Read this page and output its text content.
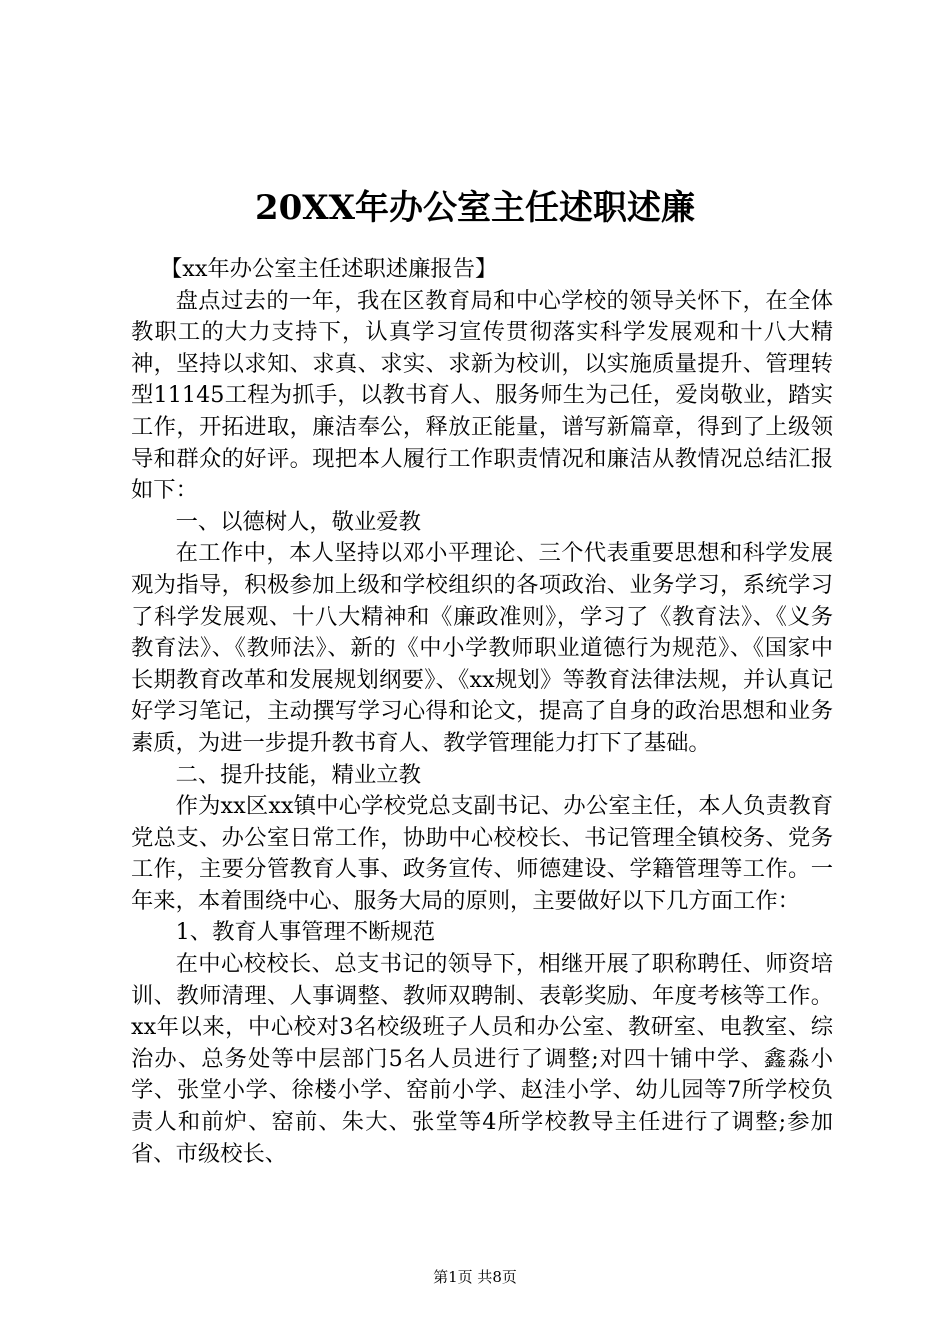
20XX年办公室主任述职述廉

【xx年办公室主任述职述廉报告】

盘点过去的一年，我在区教育局和中心学校的领导关怀下，在全体教职工的大力支持下，认真学习宣传贯彻落实科学发展观和十八大精神，坚持以求知、求真、求实、求新为校训，以实施质量提升、管理转型11145工程为抓手，以教书育人、服务师生为己任，爱岗敬业，踏实工作，开拓进取，廉洁奉公，释放正能量，谱写新篇章，得到了上级领导和群众的好评。现把本人履行工作职责情况和廉洁从教情况总结汇报如下：

一、以德树人，敬业爱教

在工作中，本人坚持以邓小平理论、三个代表重要思想和科学发展观为指导，积极参加上级和学校组织的各项政治、业务学习，系统学习了科学发展观、十八大精神和《廉政准则》，学习了《教育法》、《义务教育法》、《教师法》、新的《中小学教师职业道德行为规范》、《国家中长期教育改革和发展规划纲要》、《xx规划》等教育法律法规，并认真记好学习笔记，主动撰写学习心得和论文，提高了自身的政治思想和业务素质，为进一步提升教书育人、教学管理能力打下了基础。

二、提升技能，精业立教

作为xx区xx镇中心学校党总支副书记、办公室主任，本人负责教育党总支、办公室日常工作，协助中心校校长、书记管理全镇校务、党务工作，主要分管教育人事、政务宣传、师德建设、学籍管理等工作。一年来，本着围绕中心、服务大局的原则，主要做好以下几方面工作：

1、教育人事管理不断规范

在中心校校长、总支书记的领导下，相继开展了职称聘任、师资培训、教师清理、人事调整、教师双聘制、表彰奖励、年度考核等工作。xx年以来，中心校对3名校级班子人员和办公室、教研室、电教室、综治办、总务处等中层部门5名人员进行了调整;对四十铺中学、鑫淼小学、张堂小学、徐楼小学、窑前小学、赵洼小学、幼儿园等7所学校负责人和前炉、窑前、朱大、张堂等4所学校教导主任进行了调整;参加省、市级校长、

第1页 共8页
